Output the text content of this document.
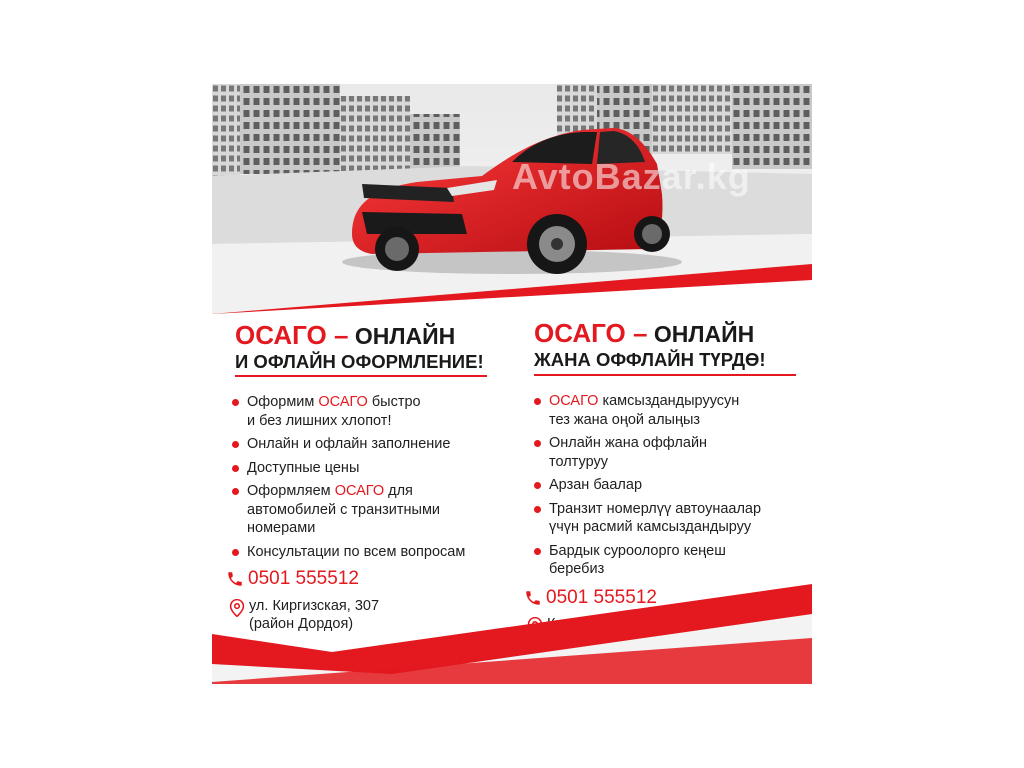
AvtoBazar.kg
ОСАГО – ОНЛАЙН
И ОФЛАЙН ОФОРМЛЕНИЕ!
Оформим ОСАГО быстро
и без лишних хлопот!
Онлайн и офлайн заполнение
Доступные цены
Оформляем ОСАГО для
автомобилей с транзитными номерами
Консультации по всем вопросам
0501 555512
ул. Киргизская, 307
(район Дордоя)
ОСАГО – ОНЛАЙН
ЖАНА ОФФЛАЙН ТҮРДӨ!
ОСАГО камсыздандыруусун
тез жана оңой алыңыз
Онлайн жана оффлайн
толтуруу
Арзан баалар
Транзит номерлүү автоунаалар
үчүн расмий камсыздандыруу
Бардык суроолорго кеңеш
беребиз
0501 555512
